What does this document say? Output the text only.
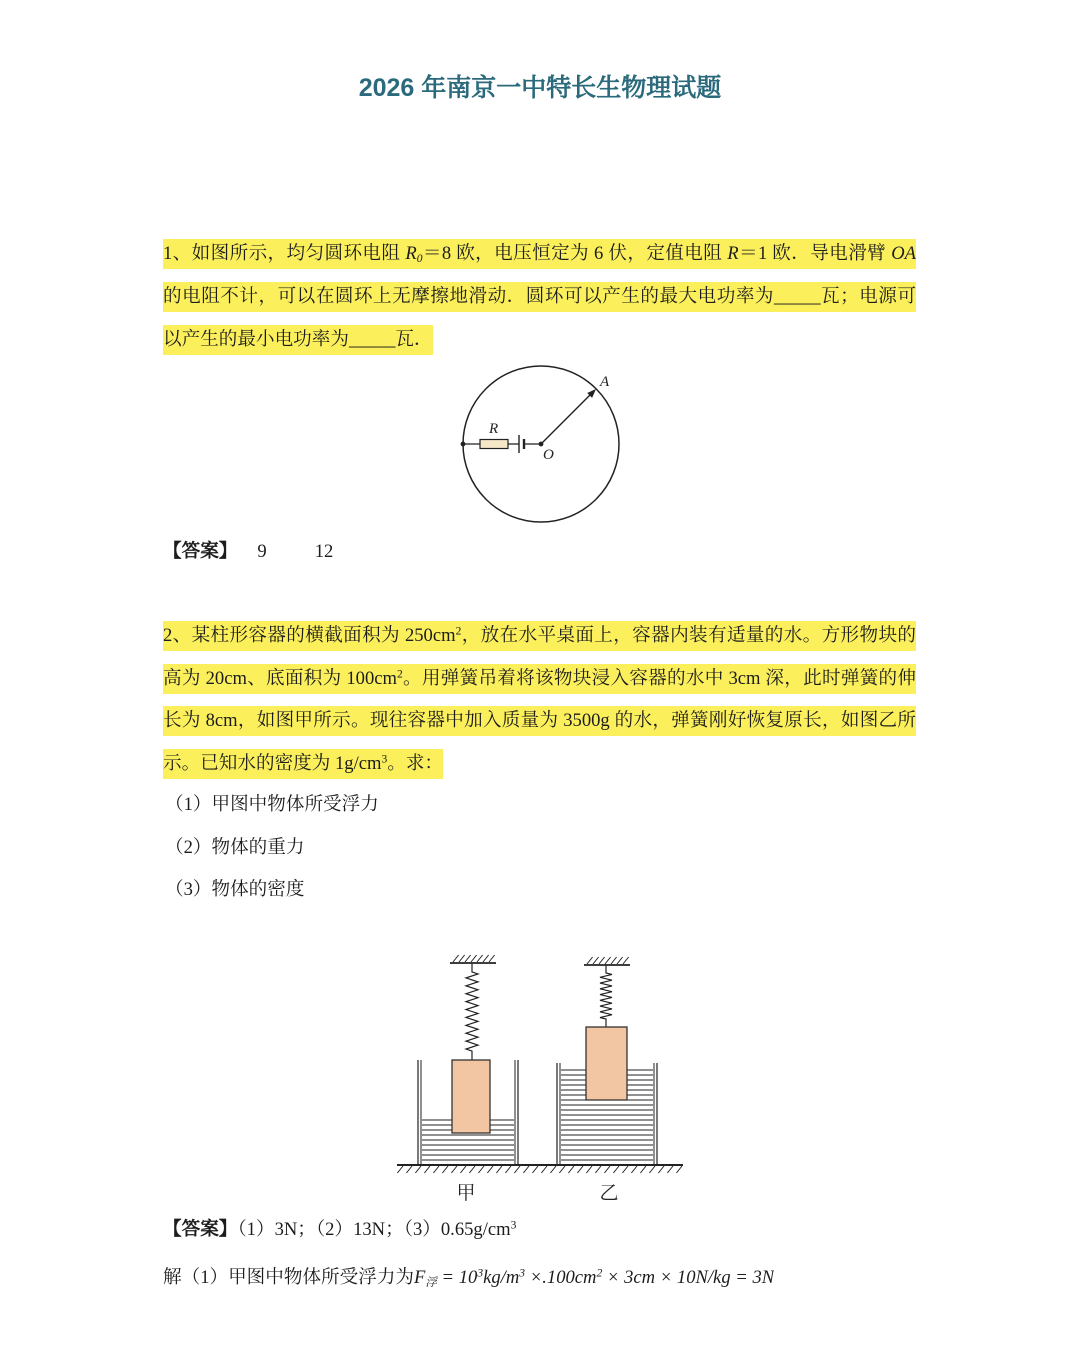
2026 年南京一中特长生物理试题
1、如图所示，均匀圆环电阻 $R_0=8$ 欧，电压恒定为 6 伏，定值电阻 R＝1 欧．导电滑臂 OA
的电阻不计，可以在圆环上无摩擦地滑动．圆环可以产生的最大电功率为_____瓦；电源可
以产生的最小电功率为_____瓦．
R
O
A
【答案】 9	12
2、某柱形容器的横截面积为 $250cm^2$，放在水平桌面上，容器内装有适量的水。方形物块的
高为 20cm、底面积为 $100cm^2$。用弹簧吊着将该物块浸入容器的水中 3cm 深，此时弹簧的伸
长为 8cm，如图甲所示。现往容器中加入质量为 3500g 的水，弹簧刚好恢复原长，如图乙所
示。已知水的密度为 $1g/cm^3$。求：
（1）甲图中物体所受浮力
（2）物体的重力
（3）物体的密度
甲	乙
【答案】（1）3N；（2）13N；$(3)0.65g/cm^3$
解（1）甲图中物体所受浮力为$F_浮 = 10^3kg/m^3 \times.100cm^2 \times 3cm \times 10N/kg = 3N$
